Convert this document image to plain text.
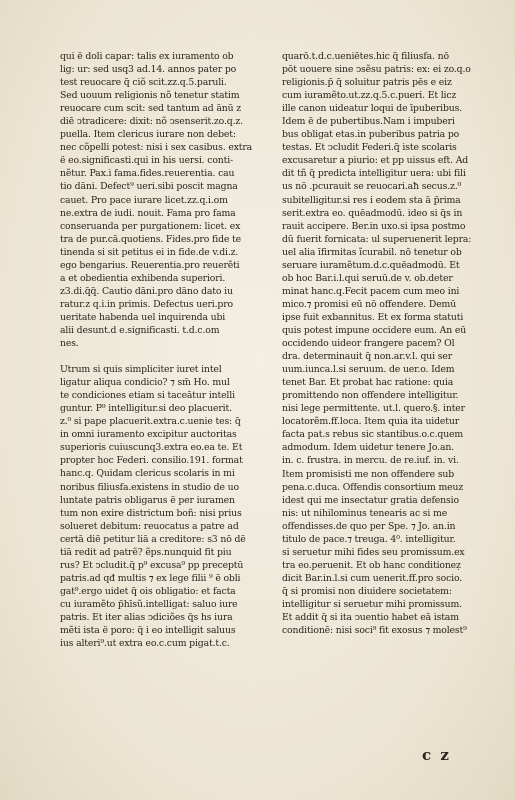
qui ë doli capar: talis ex iuramento ob
lig: ur: sed usq3 ad.14. annos pater po
test reuocare q̃ ciõ scit.zz.q.5.paruli.
Sed uouum religionis nõ tenetur statim
reuocare cum scit: sed tantum ad ānū z
diē ↄtradicere: dixit: nõ ↄsenserit.zo.q.z.
puella. Item clericus iurare non debet:
nec cõpelli potest: nisi i sex casibus. extra
ë eo.significasti.qui in his uersi. conti-
nẽtur. Pax.i fama.fides.reuerentia. cau
tio dāni. Defect⁹ ueri.sibi poscit magna
cauet. Pro pace iurare licet.zz.q.i.om
ne.extra de iudi. nouit. Fama pro fama
conseruanda per purgationem: licet. ex
tra de pur.cā.quotiens. Fides.pro fide te
tinenda si sit petitus ei in fide.de v.di.z.
ego bengarius. Reuerentia.pro reuerẽti
a et obedientia exhibenda superiori.
z3.di.q̃q̃. Cautio dāni.pro dāno dato iu
ratur.z q.i.in primis. Defectus ueri.pro
ueritate habenda uel inquirenda ubi
alii desunt.d e.significasti. t.d.c.om
nes.
Utrum si quis simpliciter iuret intel
ligatur aliqua condicio? ⁊ sm̃ Ho. mul
te condiciones etiam si taceātur intelli
guntur. P⁹ intelligitur.si deo placuerit.
z.⁰ si pape placuerit.extra.c.uenie tes: q̃
in omni iuramento excipitur auctoritas
superioris cuiuscunq3.extra eo.ea te. Et
propter hoc Federi. consilio.191. format
hanc.q. Quidam clericus scolaris in mi
noribus filiusfa.existens in studio de uo
luntate patris obligarus ë per iuramen
tum non exire districtum boñ: nisi prius
solueret debitum: reuocatus a patre ad
certā diē petitur liā a creditore: s3 nō dē
tiā redit ad patrẽ? ẽps.nunquid fit piu
rus? Et ↄcludit.q̃ p⁹ excusa⁹ pp preceptū
patris.ad qđ multis ⁊ ex lege filii ⁹ ë obli
gat⁹.ergo uidet q̃ ois obligatio: et facta
cu iuramẽto p̃hīsũ.intelligat: saluo iure
patris. Et iter alias ↄdiciões q̃s hs iura
mẽti ista ë poro: q̃ i eo intelligit saluus
ius alteri⁹.ut extra eo.c.cum pigat.t.c.
quarō.t.d.c.ueniētes.hic q̃ filiusfa. nō
pōt uouere sine ↄsẽsu patris: ex: ei zo.q.o
religionis.p̃ q̃ soluitur patris pēs e eiz
cum iuramẽto.ut.zz.q.5.c.pueri. Et licz
ille canon uideatur loqui de īpuberibus.
Idem ë de pubertibus.Nam i impuberi
bus obligat etas.in puberibus patria po
testas. Et ↄcludit Federi.q̃ iste scolaris
excusaretur a piurio: et pp uissus eft. Ad
dit tñ q̃ predicta intelligitur uera: ubi fili
us nō .pcurauit se reuocari.aħ secus.z.⁰
subitelligitur.si res i eodem sta ā p̃rima
serit.extra eo. quēadmodū. ideo si q̃s in
rauit accipere. Ber.in uxo.si ipsa postmo
dū fuerit fornicata: ul superuenerit lepra:
uel alia īfirmitas ĩcurabil. nō tenetur ob
seruare iuramẽtum.d.c.quēadmodū. Et
ob hoc Bar.i.l.qui seruū.de v. ob.deter
minat hanc.q.Fecit pacem cum meo ini
mico.⁊ promisi eū nō offendere. Demū
ipse fuit exbannitus. Et ex forma statuti
quis potest impune occidere eum. An eū
occidendo uideor frangere pacem? Ol
dra. determinauit q̃ non.ar.v.l. qui ser
uum.iunca.l.si seruum. de uer.o. Idem
tenet Bar. Et probat hac ratione: quia
promittendo non offendere intelligitur.
nisi lege permittente. ut.l. quero.§. inter
locatorẽm.ff.loca. Item quia ita uidetur
facta pat.s rebus sic stantibus.o.c.quem
admodum. Idem uidetur tenere Jo.an.
in. c. frustra. in mercu. de re.iuf. in. vi.
Item promisisti me non offendere sub
pena.c.duca. Offendis consortium meuz
idest qui me insectatur gratia defensio
nis: ut nihilominus tenearis ac si me
offendisses.de quo per Spe. ⁊ Jo. an.in
titulo de pace.⁊ treuga. 4⁰. intelligitur.
si seruetur mihi fides seu promissum.ex
tra eo.peruenit. Et ob hanc conditioneẓ
dicit Bar.in.l.si cum uenerit.ff.pro socio.
q̃ si promisi non diuidere societatem:
intelligitur si seruetur mihi promissum.
Et addit q̃ si ita ↄuentio habet eā istam
conditionē: nisi soci⁹ fit exosus ⁊ molest⁹
c z
